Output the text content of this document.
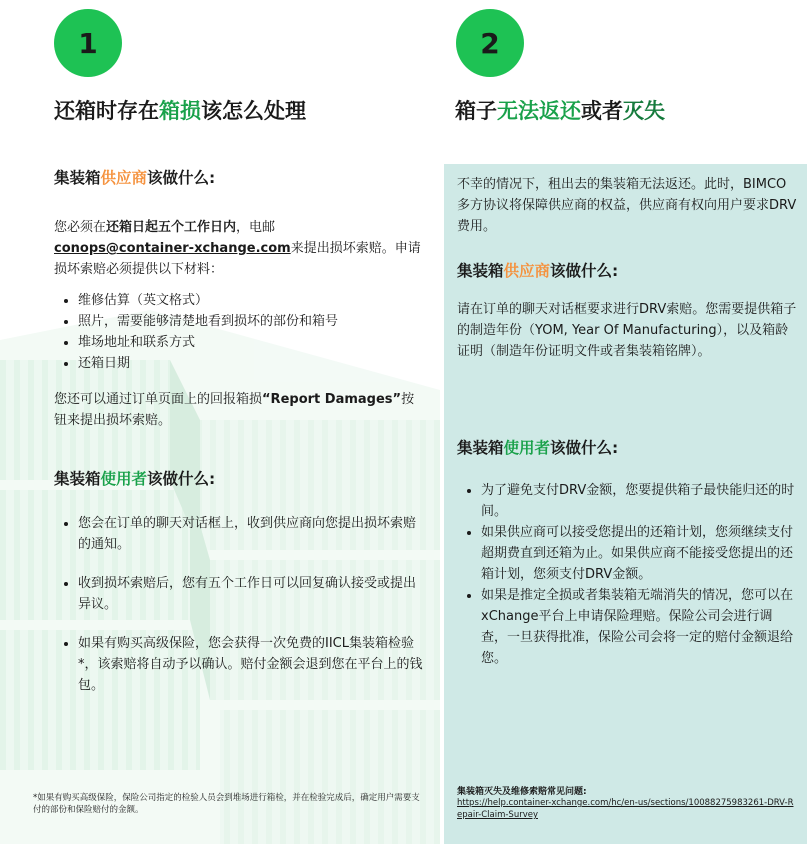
1
还箱时存在箱损该怎么处理
集装箱供应商该做什么:

您必须在还箱日起五个工作日内，电邮
conops@container-xchange.com来提出损坏索赔。申请损坏索赔必须提供以下材料：

• 维修估算（英文格式）
• 照片，需要能够清楚地看到损坏的部份和箱号
• 堆场地址和联系方式
• 还箱日期

您还可以通过订单页面上的回报箱损“Report Damages”按钮来提出损坏索赔。

集装箱使用者该做什么:
• 您会在订单的聊天对话框上，收到供应商向您提出损坏索赔的通知。
• 收到损坏索赔后，您有五个工作日可以回复确认接受或提出异议。
• 如果有购买高级保险，您会获得一次免费的IICL集装箱检验*，该索赔将自动予以确认。赔付金额会退到您在平台上的钱包。
*如果有购买高级保险，保险公司指定的检验人员会到堆场进行箱检，并在检验完成后，确定用户需要支付的部份和保险赔付的金额。
2
箱子无法返还或者灭失

不幸的情况下，租出去的集装箱无法返还。此时，BIMCO多方协议将保障供应商的权益，供应商有权向用户要求DRV费用。

集装箱供应商该做什么:

请在订单的聊天对话框要求进行DRV索赔。您需要提供箱子的制造年份（YOM, Year Of Manufacturing），以及箱龄证明（制造年份证明文件或者集装箱铭牌）。

集装箱使用者该做什么:
• 为了避免支付DRV金额，您要提供箱子最快能归还的时间。
• 如果供应商可以接受您提出的还箱计划，您须继续支付超期费直到还箱为止。如果供应商不能接受您提出的还箱计划，您须支付DRV金额。
• 如果是推定全损或者集装箱无端消失的情况，您可以在xChange平台上申请保险理赔。保险公司会进行调查，一旦获得批准，保险公司会将一定的赔付金额退给您。
集装箱灭失及维修索赔常见问题:
https://help.container-xchange.com/hc/en-us/sections/10088275983261-DRV-Repair-Claim-Survey
